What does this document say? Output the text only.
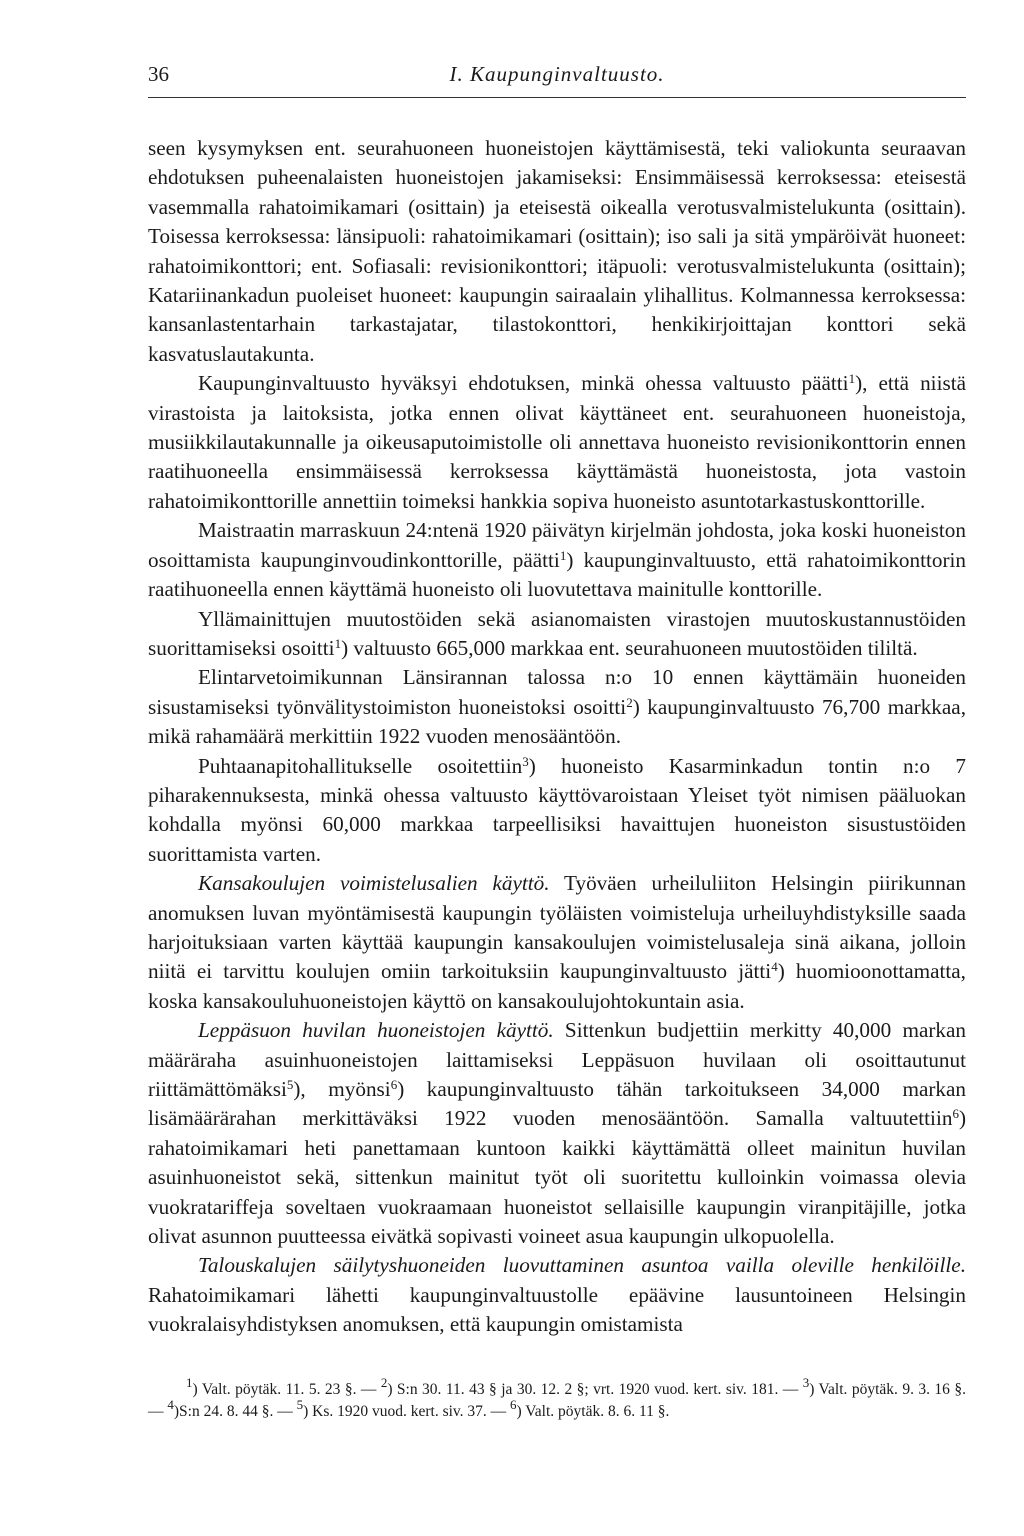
36	I. Kaupunginvaltuusto.

seen kysymyksen ent. seurahuoneen huoneistojen käyttämisestä, teki valiokunta seuraavan ehdotuksen puheenalaisten huoneistojen jakamiseksi: Ensimmäisessä kerroksessa: eteisestä vasemmalla rahatoimikamari (osittain) ja eteisestä oikealla verotusvalmistelukunta (osittain). Toisessa kerroksessa: länsipuoli: rahatoimikamari (osittain); iso sali ja sitä ympäröivät huoneet: rahatoimikonttori; ent. Sofiasali: revisionikonttori; itäpuoli: verotusvalmistelukunta (osittain); Katariinankadun puoleiset huoneet: kaupungin sairaalain ylihallitus. Kolmannessa kerroksessa: kansanlastentarhain tarkastajatar, tilastokonttori, henkikirjoittajan konttori sekä kasvatuslautakunta.

Kaupunginvaltuusto hyväksyi ehdotuksen, minkä ohessa valtuusto päätti$^1$), että niistä virastoista ja laitoksista, jotka ennen olivat käyttäneet ent. seurahuoneen huoneistoja, musiikkilautakunnalle ja oikeusaputoimistolle oli annettava huoneisto revisionikonttorin ennen raatihuoneella ensimmäisessä kerroksessa käyttämästä huoneistosta, jota vastoin rahatoimikonttorille annettiin toimeksi hankkia sopiva huoneisto asuntotarkastuskonttorille.

Maistraatin marraskuun 24:ntenä 1920 päivätyn kirjelmän johdosta, joka koski huoneiston osoittamista kaupunginvoudinkonttorille, päätti$^1$) kaupunginvaltuusto, että rahatoimikonttorin raatihuoneella ennen käyttämä huoneisto oli luovutettava mainitulle konttorille.

Yllämainittujen muutostöiden sekä asianomaisten virastojen muutoskustannustöiden suorittamiseksi osoitti$^1$) valtuusto 665,000 markkaa ent. seurahuoneen muutostöiden tililtä.

Elintarvetoimikunnan Länsirannan talossa n:o 10 ennen käyttämäin huoneiden sisustamiseksi työnvälitystoimiston huoneistoksi osoitti$^2$) kaupunginvaltuusto 76,700 markkaa, mikä rahamäärä merkittiin 1922 vuoden menosääntöön.

Puhtaanapitohallitukselle osoitettiin$^3$) huoneisto Kasarminkadun tontin n:o 7 piharakennuksesta, minkä ohessa valtuusto käyttövaroistaan Yleiset työt nimisen pääluokan kohdalla myönsi 60,000 markkaa tarpeellisiksi havaittujen huoneiston sisustustöiden suorittamista varten.

Kansakoulujen voimistelusalien käyttö. Työväen urheiluliiton Helsingin piirikunnan anomuksen luvan myöntämisestä kaupungin työläisten voimisteluja urheiluyhdistyksille saada harjoituksiaan varten käyttää kaupungin kansakoulujen voimistelusaleja sinä aikana, jolloin niitä ei tarvittu koulujen omiin tarkoituksiin kaupunginvaltuusto jätti$^4$) huomioonottamatta, koska kansakouluhuoneistojen käyttö on kansakoulujohtokuntain asia.

Leppäsuon huvilan huoneistojen käyttö. Sittenkun budjettiin merkitty 40,000 markan määräraha asuinhuoneistojen laittamiseksi Leppäsuon huvilaan oli osoittautunut riittämättömäksi$^5$), myönsi$^6$) kaupunginvaltuusto tähän tarkoitukseen 34,000 markan lisämäärärahan merkittäväksi 1922 vuoden menosääntöön. Samalla valtuutettiin$^6$) rahatoimikamari heti panettamaan kuntoon kaikki käyttämättä olleet mainitun huvilan asuinhuoneistot sekä, sittenkun mainitut työt oli suoritettu kulloinkin voimassa olevia vuokratariffeja soveltaen vuokraamaan huoneistot sellaisille kaupungin viranpitäjille, jotka olivat asunnon puutteessa eivätkä sopivasti voineet asua kaupungin ulkopuolella.

Talouskalujen säilytyshuoneiden luovuttaminen asuntoa vailla oleville henkilöille. Rahatoimikamari lähetti kaupunginvaltuustolle epäävine lausuntoineen Helsingin vuokralaisyhdistyksen anomuksen, että kaupungin omistamista

$^1$) Valt. pöytäk. 11. 5. 23 §. — $^2$) S:n 30. 11. 43 § ja 30. 12. 2 §; vrt. 1920 vuod. kert. siv. 181. — $^3$) Valt. pöytäk. 9. 3. 16 §. — $^4$)S:n 24. 8. 44 §. — $^5$) Ks. 1920 vuod. kert. siv. 37. — $^6$) Valt. pöytäk. 8. 6. 11 §.
